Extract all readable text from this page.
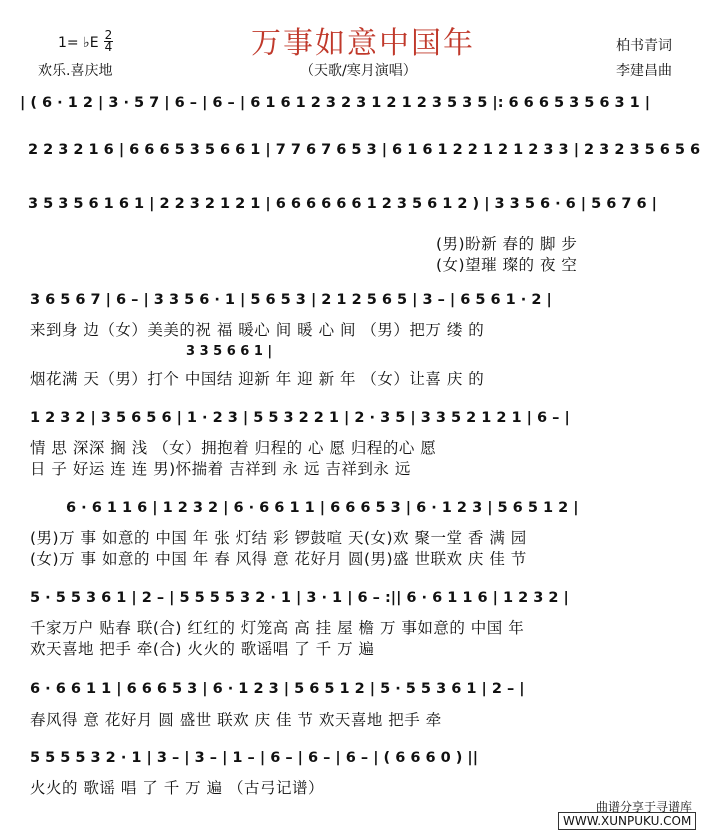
万事如意中国年
1= ♭E 2
4
欢乐.喜庆地	（天歌/寒月演唱）
柏书青词
李建昌曲
| ( 6 · 1 2 | 3 · 5 7 | 6 – | 6 – | 6 1 6 1 2 3 2 3 1 2 1 2 3 5 3 5 |: 6 6 6 5 3 5 6 3 1 |
2 2 3 2 1 6 | 6 6 6 5 3 5 6 6 1 | 7 7 6 7 6 5 3 | 6 1 6 1 2 2 1 2 1 2 3 3 | 2 3 2 3 5 6 5 6
3 5 3 5 6 1 6 1 | 2 2 3 2 1 2 1 | 6 6 6 6 6 6 1 2 3 5 6 1 2 ) | 3 3 5 6 · 6 | 5 6 7 6 |
(男)盼新 春的 脚 步
(女)望璀 璨的 夜 空
3 6 5 6 7 | 6 – | 3 3 5 6 · 1 | 5 6 5 3 | 2 1 2 5 6 5 | 3 – | 6 5 6 1 · 2 |
来到身 边（女）美美的祝 福 暖心 间 暖 心 间 （男）把万 缕 的
3 3 5 6 6 1 |
烟花满 天（男）打个 中国结 迎新 年 迎 新 年 （女）让喜 庆 的
1 2 3 2 | 3 5 6 5 6 | 1 · 2 3 | 5 5 3 2 2 1 | 2 · 3 5 | 3 3 5 2 1 2 1 | 6 – |
情 思 深深 搁 浅 （女）拥抱着 归程的 心 愿 归程的心 愿
日 子 好运 连 连 男)怀揣着 吉祥到 永 远 吉祥到永 远
6 · 6 1 1 6 | 1 2 3 2 | 6 · 6 6 1 1 | 6 6 6 5 3 | 6 · 1 2 3 | 5 6 5 1 2 |
(男)万 事 如意的 中国 年 张 灯结 彩 锣鼓喧 天(女)欢 聚一堂 香 满 园
(女)万 事 如意的 中国 年 春 风得 意 花好月 圆(男)盛 世联欢 庆 佳 节
5 · 5 5 3 6 1 | 2 – | 5 5 5 5 3 2 · 1 | 3 · 1 | 6 – :|| 6 · 6 1 1 6 | 1 2 3 2 |
千家万户 贴春 联(合) 红红的 灯笼高 高 挂 屋 檐 万 事如意的 中国 年
欢天喜地 把手 牵(合) 火火的 歌谣唱 了 千 万 遍
6 · 6 6 1 1 | 6 6 6 5 3 | 6 · 1 2 3 | 5 6 5 1 2 | 5 · 5 5 3 6 1 | 2 – |
春风得 意 花好月 圆 盛世 联欢 庆 佳 节 欢天喜地 把手 牵
5 5 5 5 3 2 · 1 | 3 – | 3 – | 1 – | 6 – | 6 – | 6 – | ( 6 6 6 0 ) ||
火火的 歌谣 唱 了 千 万 遍 （古弓记谱）
曲谱分享于寻谱库
WWW.XUNPUKU.COM
